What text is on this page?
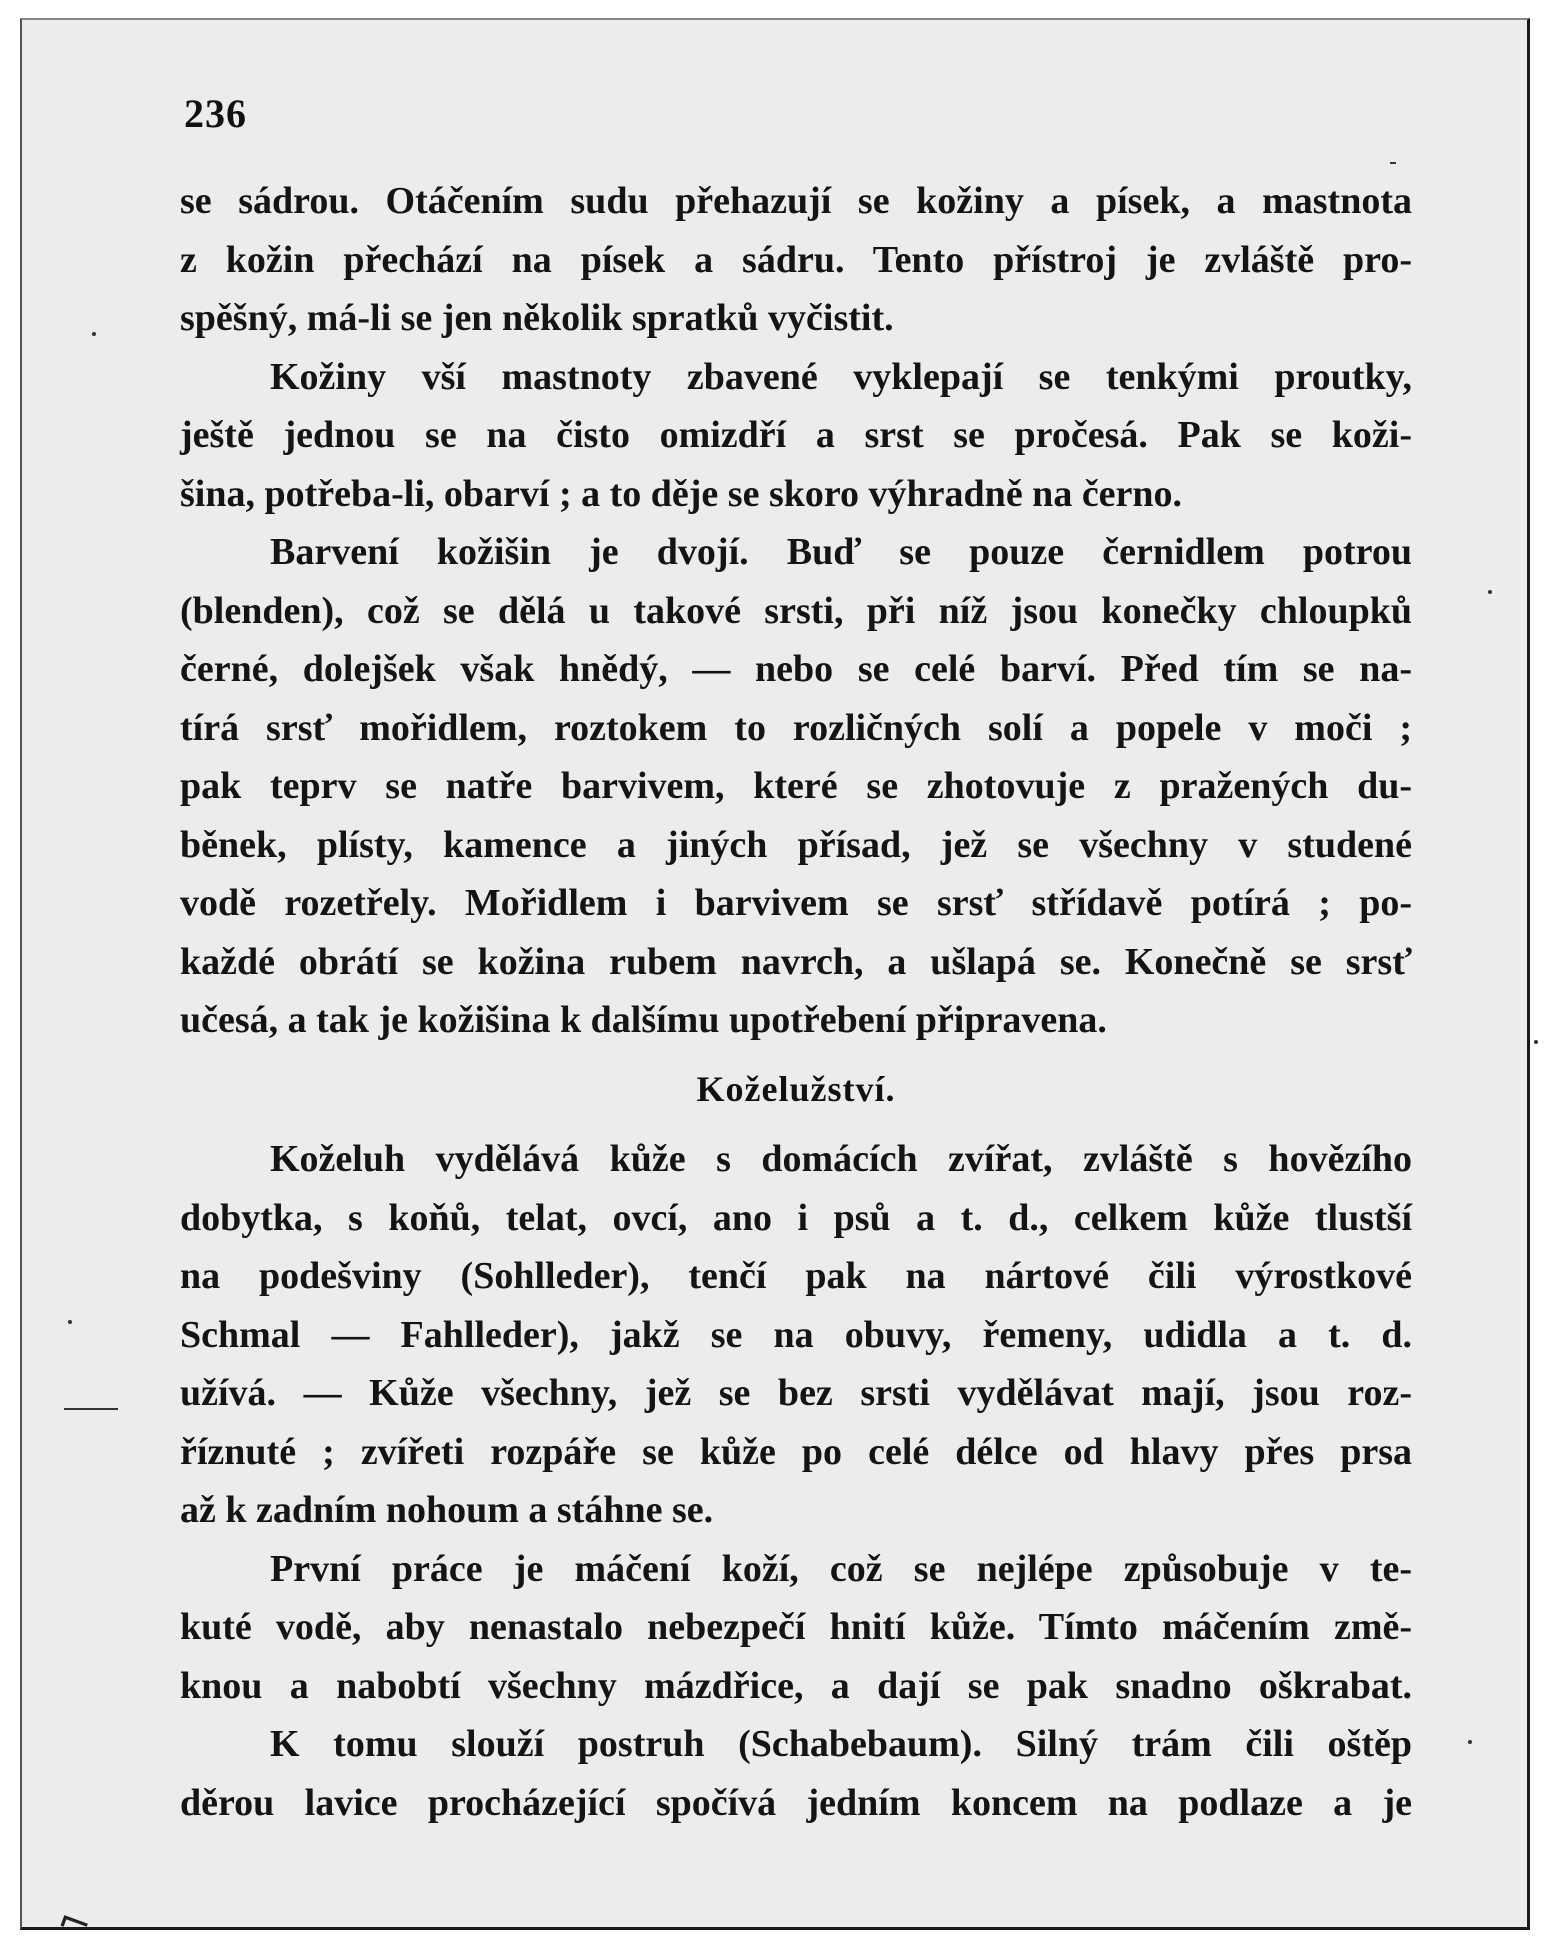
236
se sádrou. Otáčením sudu přehazují se kožiny a písek, a mastnota
z kožin přechází na písek a sádru. Tento přístroj je zvláště pro-
spěšný, má-li se jen několik spratků vyčistit.
Kožiny vší mastnoty zbavené vyklepají se tenkými proutky,
ještě jednou se na čisto omizdří a srst se pročesá. Pak se koži-
šina, potřeba-li, obarví ; a to děje se skoro výhradně na černo.
Barvení kožišin je dvojí. Buď se pouze černidlem potrou
(blenden), což se dělá u takové srsti, při níž jsou konečky chloupků
černé, dolejšek však hnědý, — nebo se celé barví. Před tím se na-
tírá srsť mořidlem, roztokem to rozličných solí a popele v moči ;
pak teprv se natře barvivem, které se zhotovuje z pražených du-
běnek, plísty, kamence a jiných přísad, jež se všechny v studené
vodě rozetřely. Mořidlem i barvivem se srsť střídavě potírá ; po-
každé obrátí se kožina rubem navrch, a ušlapá se. Konečně se srsť
učesá, a tak je kožišina k dalšímu upotřebení připravena.
Koželužství.
Koželuh vydělává kůže s domácích zvířat, zvláště s hovězího
dobytka, s koňů, telat, ovcí, ano i psů a t. d., celkem kůže tlustší
na podešviny (Sohlleder), tenčí pak na nártové čili výrostkové
Schmal — Fahlleder), jakž se na obuvy, řemeny, udidla a t. d.
užívá. — Kůže všechny, jež se bez srsti vydělávat mají, jsou roz-
říznuté ; zvířeti rozpáře se kůže po celé délce od hlavy přes prsa
až k zadním nohoum a stáhne se.
První práce je máčení koží, což se nejlépe způsobuje v te-
kuté vodě, aby nenastalo nebezpečí hnití kůže. Tímto máčením změ-
knou a nabobtí všechny mázdřice, a dají se pak snadno oškrabat.
K tomu slouží postruh (Schabebaum). Silný trám čili oštěp
děrou lavice procházející spočívá jedním koncem na podlaze a je
⌐
